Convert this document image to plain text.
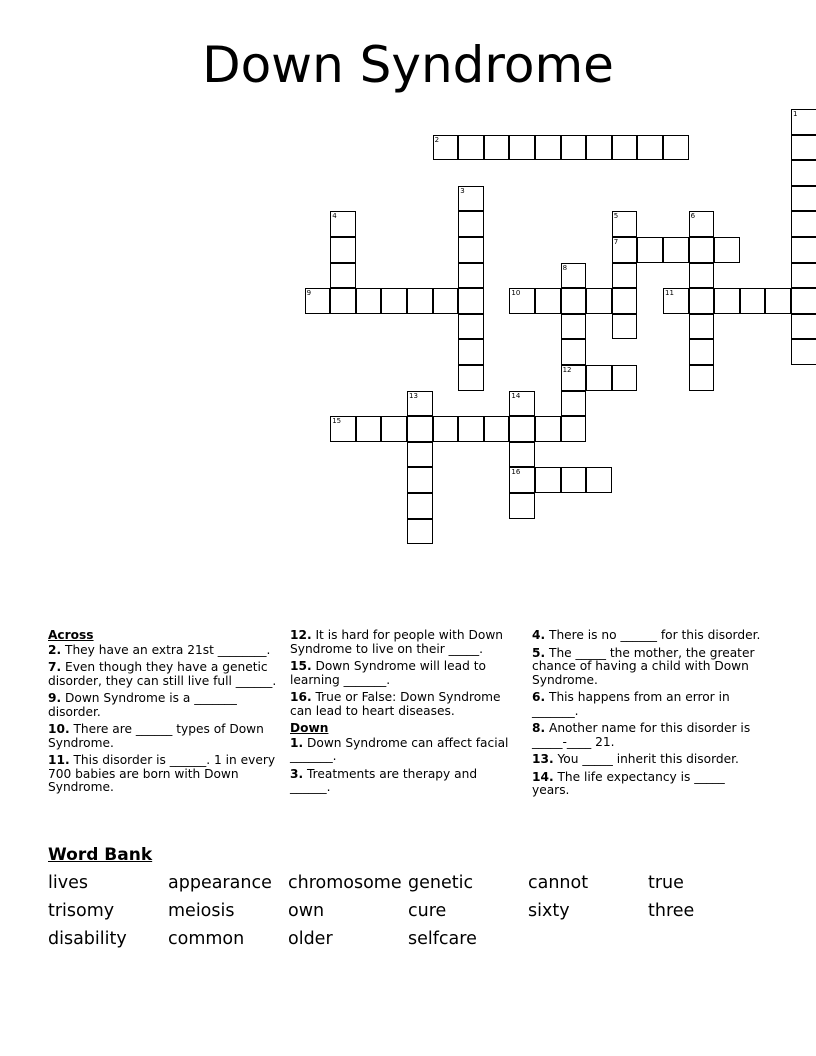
Down Syndrome
2
1
3
4	5
7
6
8
12
9	10	11
13	14
15
16
Across
2. They have an extra 21st ________.
7. Even though they have a genetic disorder, they can still live full ______.
9. Down Syndrome is a _______ disorder.
10. There are ______ types of Down Syndrome.
11. This disorder is ______. 1 in every 700 babies are born with Down Syndrome.
12. It is hard for people with Down Syndrome to live on their _____.
15. Down Syndrome will lead to learning _______.
16. True or False: Down Syndrome can lead to heart diseases.
Down
1. Down Syndrome can affect facial _______.
3. Treatments are therapy and ______.
4. There is no ______ for this disorder.
5. The _____ the mother, the greater chance of having a child with Down Syndrome.
6. This happens from an error in _______.
8. Another name for this disorder is _____-____ 21.
13. You _____ inherit this disorder.
14. The life expectancy is _____ years.
Word Bank
lives	appearance chromosome genetic	cannot	true
trisomy	meiosis	own	cure	sixty	three
disability common	older	selfcare
